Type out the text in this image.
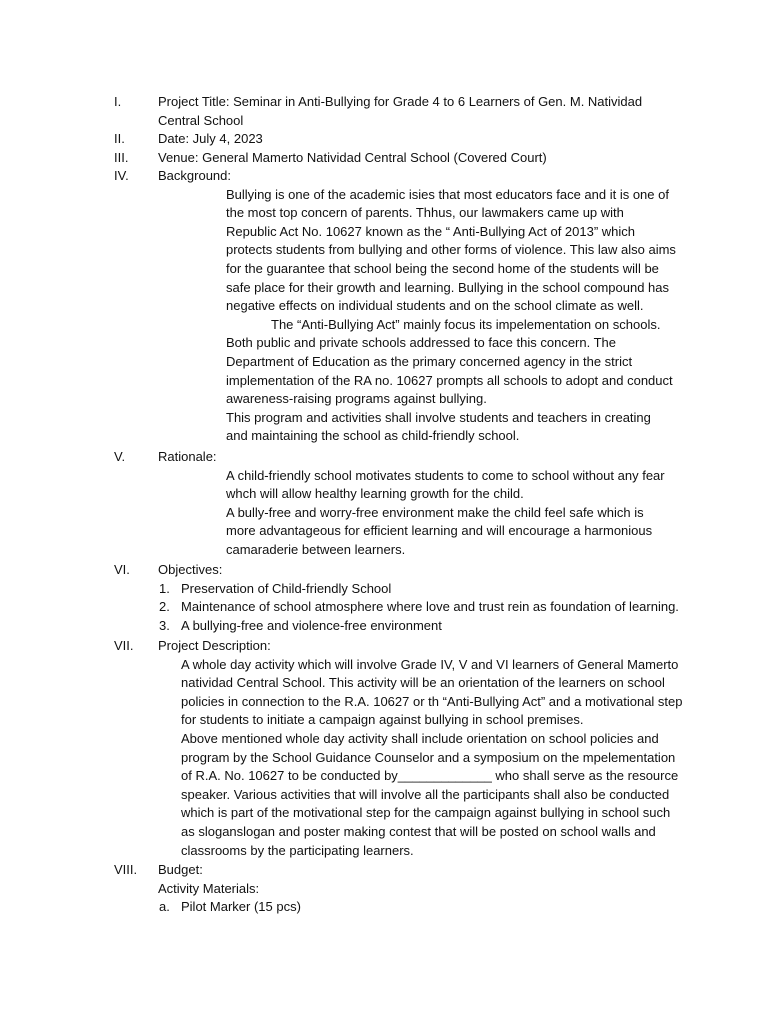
I.	Project Title: Seminar in Anti-Bullying for Grade 4 to 6 Learners of Gen. M. Natividad Central School
II.	Date: July 4, 2023
III.	Venue: General Mamerto Natividad Central School (Covered Court)
IV.	Background:
Bullying is one of the academic isies that most educators face and it is one of the most top concern of parents. Thhus, our lawmakers came up with Republic Act No. 10627 known as the “ Anti-Bullying Act of 2013” which protects students from bullying and other forms of violence. This law also aims for the guarantee that school being the second home of the students will be safe place for their growth and learning. Bullying in the school compound has negative effects on individual students and on the school climate as well.
The “Anti-Bullying Act” mainly focus its impelementation on schools. Both public and private schools addressed to face this concern. The Department of Education as the primary concerned agency in the strict implementation of the RA no. 10627 prompts all schools to adopt and conduct awareness-raising programs against bullying.
This program and activities shall involve students and teachers in creating and maintaining the school as child-friendly school.
V.	Rationale:
A child-friendly school motivates students to come to school without any fear whch will allow healthy learning growth for the child.
A bully-free and worry-free environment make the child feel safe which is more advantageous for efficient learning and will encourage a harmonious camaraderie between learners.
VI.	Objectives:
1. Preservation of Child-friendly School
2. Maintenance of school atmosphere where love and trust rein as foundation of learning.
3. A bullying-free and violence-free environment
VII.	Project Description:
A whole day activity which will involve Grade IV, V and VI learners of General Mamerto natividad Central School. This activity will be an orientation of the learners on school policies in connection to the R.A. 10627 or th “Anti-Bullying Act” and a motivational step for students to initiate a campaign against bullying in school premises.
Above mentioned whole day activity shall include orientation on school policies and program by the School Guidance Counselor and a symposium on the mpelementation of R.A. No. 10627 to be conducted by_____________ who shall serve as the resource speaker. Various activities that will involve all the participants shall also be conducted which is part of the motivational step for the campaign against bullying in school such as sloganslogan and poster making contest that will be posted on school walls and classrooms by the participating learners.
VIII.	Budget:
Activity Materials:
a. Pilot Marker (15 pcs)
